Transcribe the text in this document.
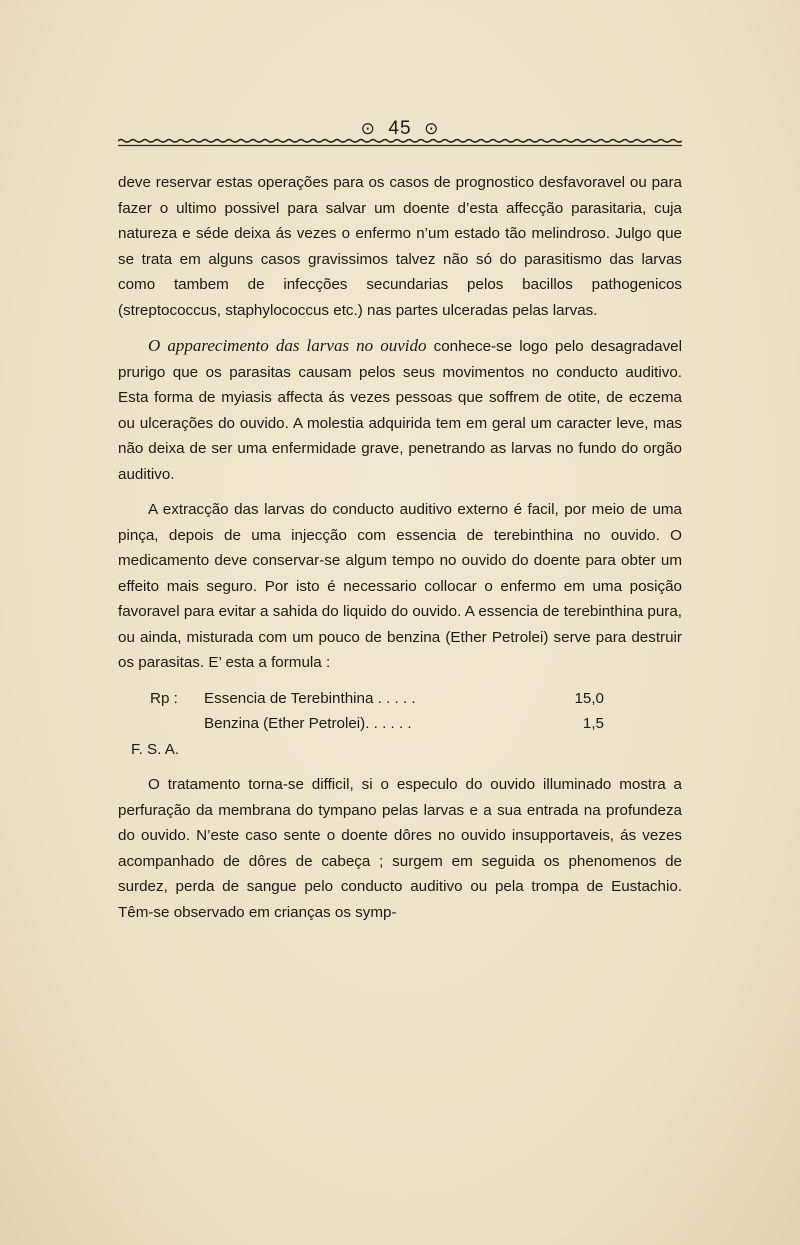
⊙ 45 ⊙

deve reservar estas operações para os casos de prognostico desfavoravel ou para fazer o ultimo possivel para salvar um doente d’esta affecção parasitaria, cuja natureza e séde deixa ás vezes o enfermo n’um estado tão melindroso. Julgo que se trata em alguns casos gravissimos talvez não só do parasitismo das larvas como tambem de infecções secundarias pelos bacillos pathogenicos (streptococcus, staphylococcus etc.) nas partes ulceradas pelas larvas.

O apparecimento das larvas no ouvido conhece-se logo pelo desagradavel prurigo que os parasitas causam pelos seus movimentos no conducto auditivo. Esta forma de myiasis affecta ás vezes pessoas que soffrem de otite, de eczema ou ulcerações do ouvido. A molestia adquirida tem em geral um caracter leve, mas não deixa de ser uma enfermidade grave, penetrando as larvas no fundo do orgão auditivo.

A extracção das larvas do conducto auditivo externo é facil, por meio de uma pinça, depois de uma injecção com essencia de terebinthina no ouvido. O medicamento deve conservar-se algum tempo no ouvido do doente para obter um effeito mais seguro. Por isto é necessario collocar o enfermo em uma posição favoravel para evitar a sahida do liquido do ouvido. A essencia de terebinthina pura, ou ainda, misturada com um pouco de benzina (Ether Petrolei) serve para destruir os parasitas. E’ esta a formula :

Rp :	Essencia de Terebinthina . . . . .	15,0
Benzina (Ether Petrolei). . . . . .	1,5
F. S. A.

O tratamento torna-se difficil, si o especulo do ouvido illuminado mostra a perfuração da membrana do tympano pelas larvas e a sua entrada na profundeza do ouvido. N’este caso sente o doente dôres no ouvido insupportaveis, ás vezes acompanhado de dôres de cabeça ; surgem em seguida os phenomenos de surdez, perda de sangue pelo conducto auditivo ou pela trompa de Eustachio. Têm-se observado em crianças os symp-
